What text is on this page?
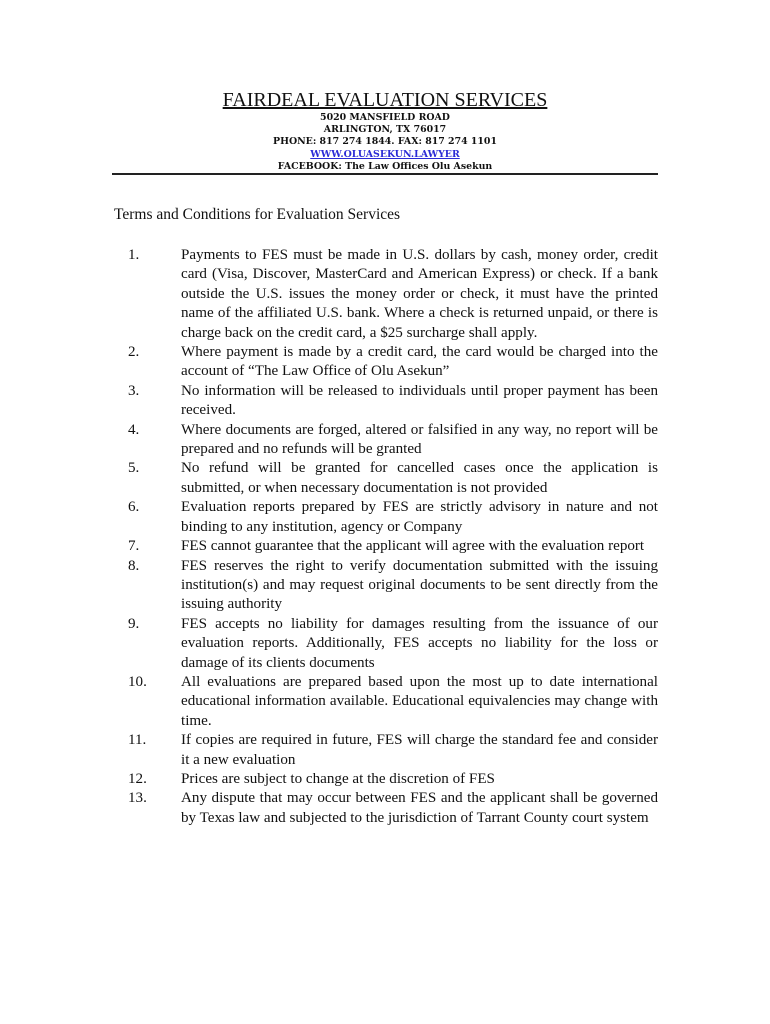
FAIRDEAL EVALUATION SERVICES
5020 MANSFIELD ROAD
ARLINGTON, TX 76017
PHONE: 817 274 1844. FAX: 817 274 1101
WWW.OLUASEKUN.LAWYER
FACEBOOK: The Law Offices Olu Asekun
Terms and Conditions for Evaluation Services
1.	Payments to FES must be made in U.S. dollars by cash, money order, credit card (Visa, Discover, MasterCard and American Express) or check. If a bank outside the U.S. issues the money order or check, it must have the printed name of the affiliated U.S. bank. Where a check is returned unpaid, or there is charge back on the credit card, a $25 surcharge shall apply.
2.	Where payment is made by a credit card, the card would be charged into the account of “The Law Office of Olu Asekun”
3.	No information will be released to individuals until proper payment has been received.
4.	Where documents are forged, altered or falsified in any way, no report will be prepared and no refunds will be granted
5.	No refund will be granted for cancelled cases once the application is submitted, or when necessary documentation is not provided
6.	Evaluation reports prepared by FES are strictly advisory in nature and not binding to any institution, agency or Company
7.	FES cannot guarantee that the applicant will agree with the evaluation report
8.	FES reserves the right to verify documentation submitted with the issuing institution(s) and may request original documents to be sent directly from the issuing authority
9.	FES accepts no liability for damages resulting from the issuance of our evaluation reports. Additionally, FES accepts no liability for the loss or damage of its clients documents
10.	All evaluations are prepared based upon the most up to date international educational information available. Educational equivalencies may change with time.
11.	If copies are required in future, FES will charge the standard fee and consider it a new evaluation
12.	Prices are subject to change at the discretion of FES
13.	Any dispute that may occur between FES and the applicant shall be governed by Texas law and subjected to the jurisdiction of Tarrant County court system
